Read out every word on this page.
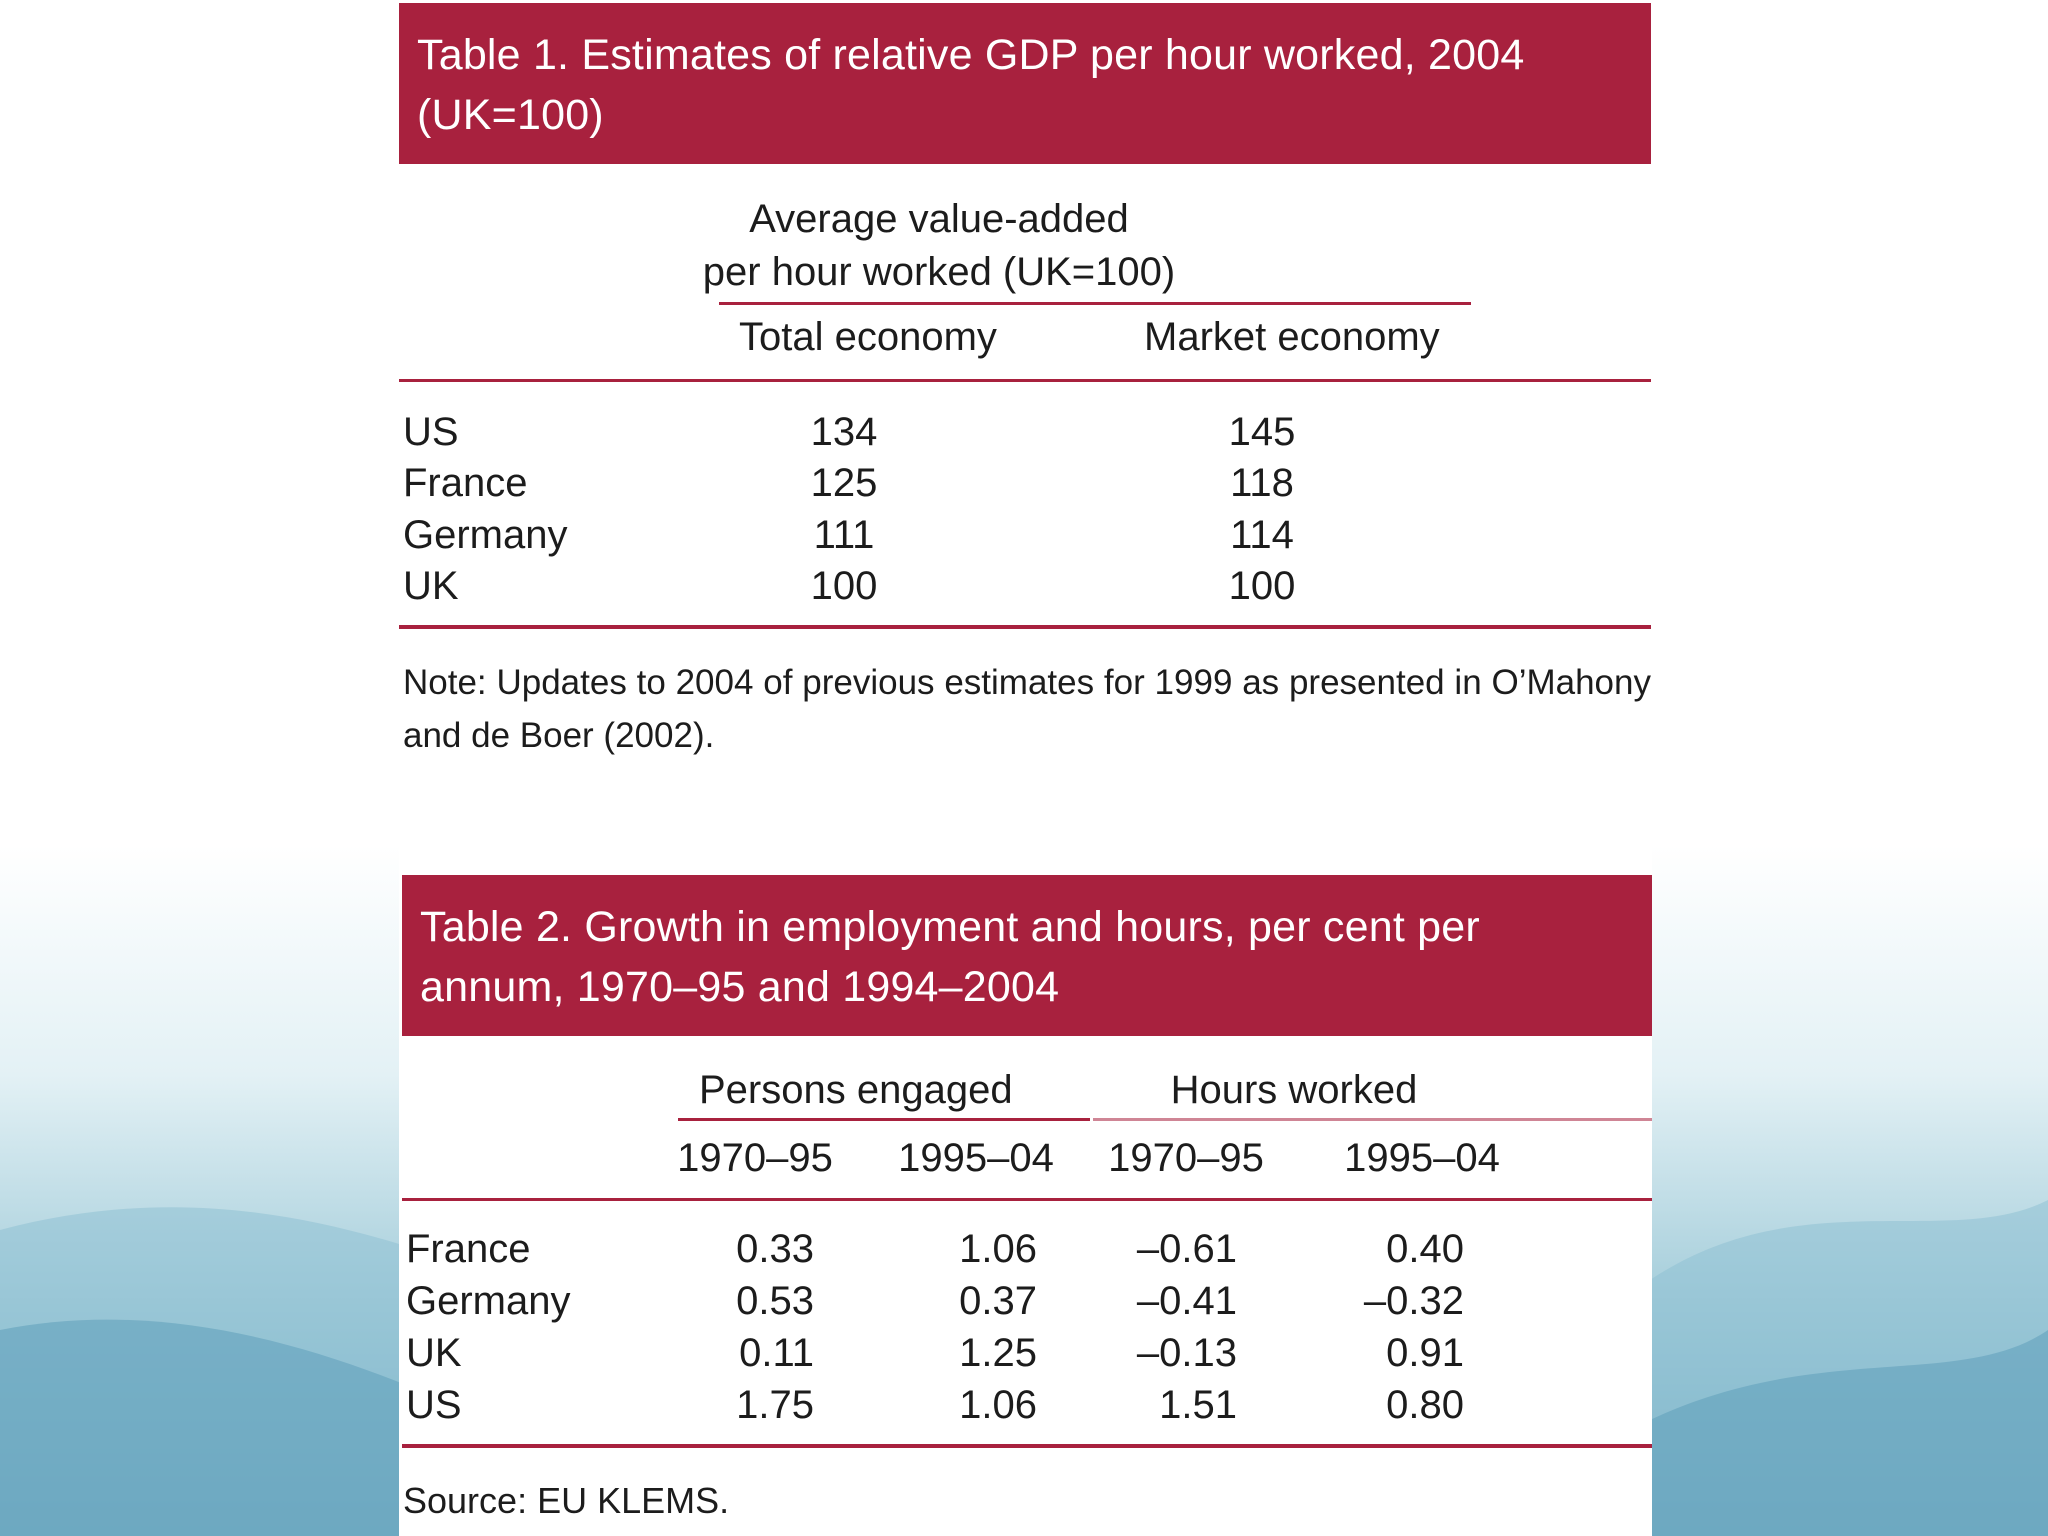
Table 1. Estimates of relative GDP per hour worked, 2004 (UK=100)
Average value-added
per hour worked (UK=100)
Total economy	Market economy
US	134	145
France	125	118
Germany	111	114
UK	100	100
Note: Updates to 2004 of previous estimates for 1999 as presented in O’Mahony and de Boer (2002).
Table 2. Growth in employment and hours, per cent per annum, 1970–95 and 1994–2004
Persons engaged	Hours worked
1970–95 1995–04 1970–95 1995–04
France	0.33	1.06	–0.61	0.40
Germany	0.53	0.37	–0.41	–0.32
UK	0.11	1.25	–0.13	0.91
US	1.75	1.06	1.51	0.80
Source: EU KLEMS.
